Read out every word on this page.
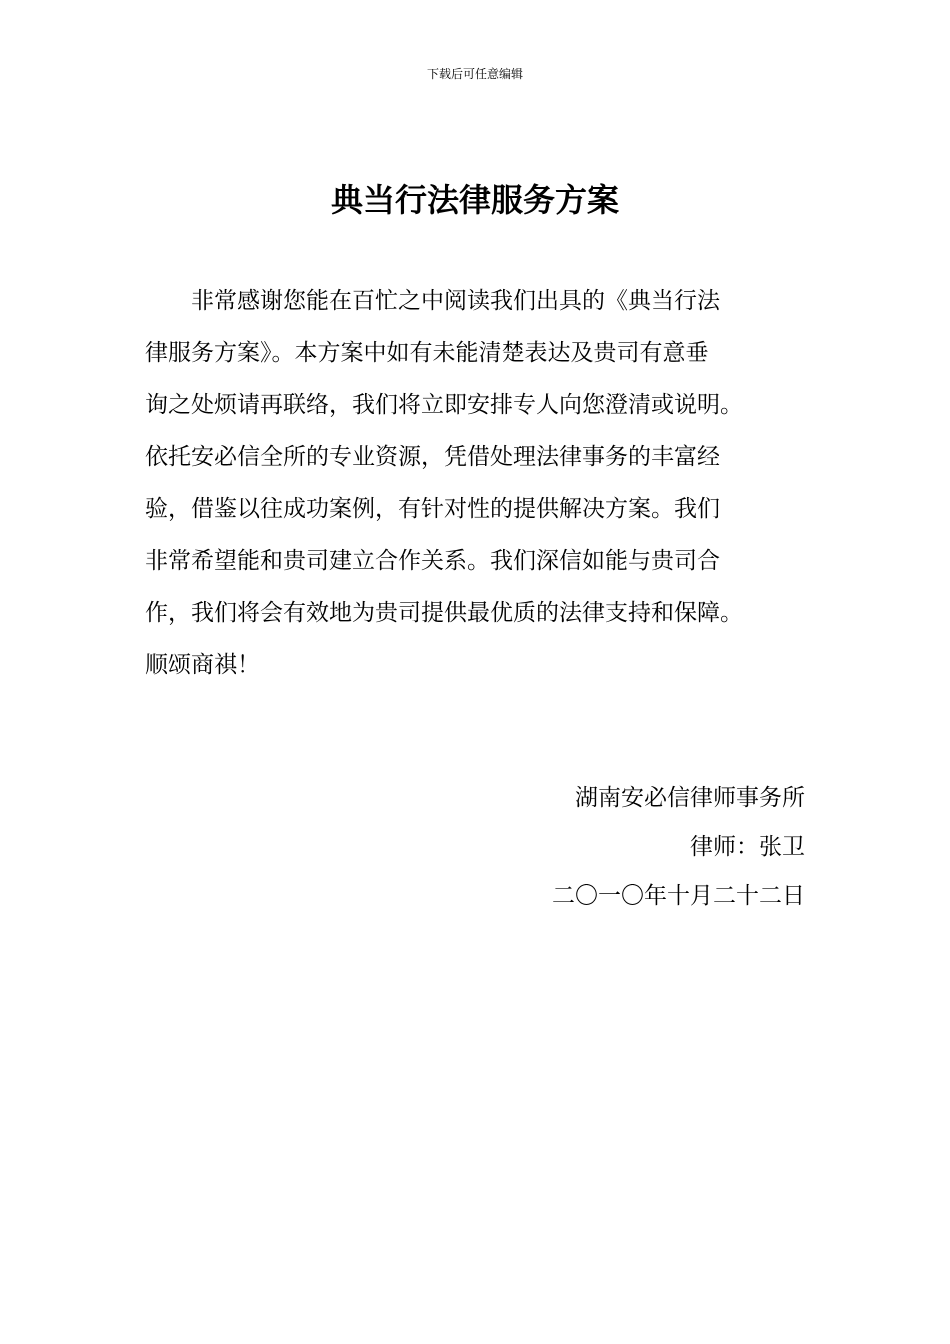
下载后可任意编辑
典当行法律服务方案

　　非常感谢您能在百忙之中阅读我们出具的《典当行法

律服务方案》。本方案中如有未能清楚表达及贵司有意垂

询之处烦请再联络，我们将立即安排专人向您澄清或说明。

依托安必信全所的专业资源，凭借处理法律事务的丰富经

验，借鉴以往成功案例，有针对性的提供解决方案。我们

非常希望能和贵司建立合作关系。我们深信如能与贵司合

作，我们将会有效地为贵司提供最优质的法律支持和保障。

顺颂商祺！

湖南安必信律师事务所

律师：张卫

二〇一〇年十月二十二日
